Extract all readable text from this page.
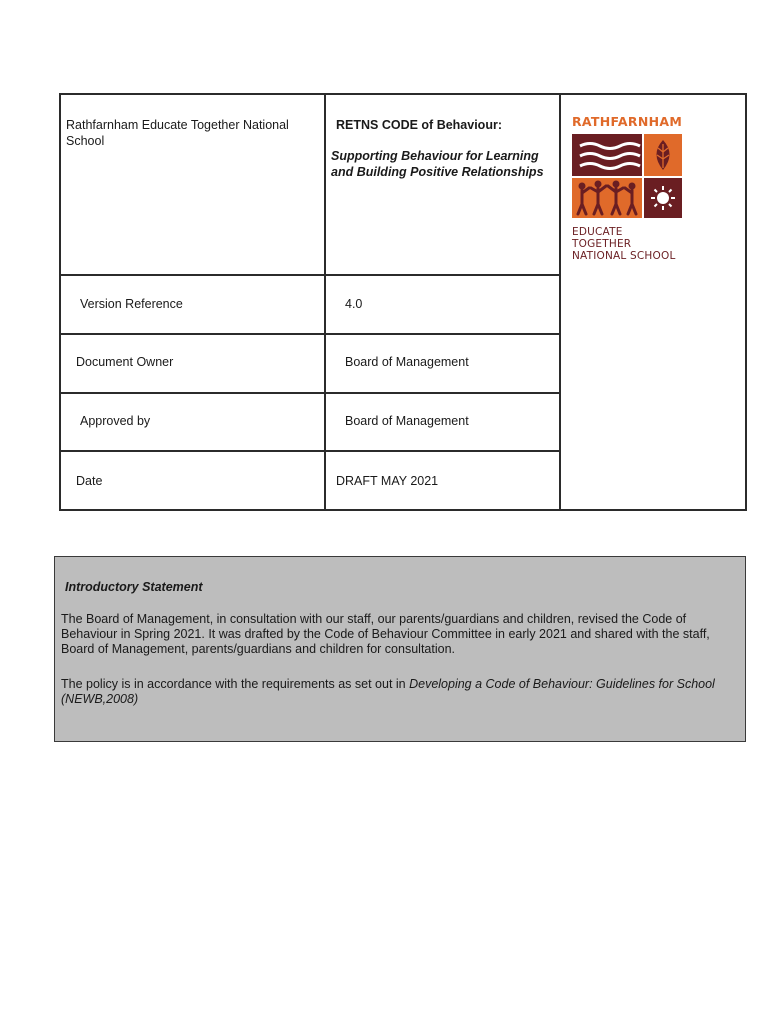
Rathfarnham Educate Together National School
RETNS CODE of Behaviour:
Supporting Behaviour for Learning and Building Positive Relationships
RATHFARNHAM
EDUCATE TOGETHER
NATIONAL SCHOOL
Version Reference	4.0
Document Owner	Board of Management
Approved by	Board of Management
Date	DRAFT MAY 2021

Introductory Statement

The Board of Management, in consultation with our staff, our parents/guardians and children, revised the Code of Behaviour in Spring 2021. It was drafted by the Code of Behaviour Committee in early 2021 and shared with the staff, Board of Management, parents/guardians and children for consultation.

The policy is in accordance with the requirements as set out in Developing a Code of Behaviour: Guidelines for School (NEWB,2008)
